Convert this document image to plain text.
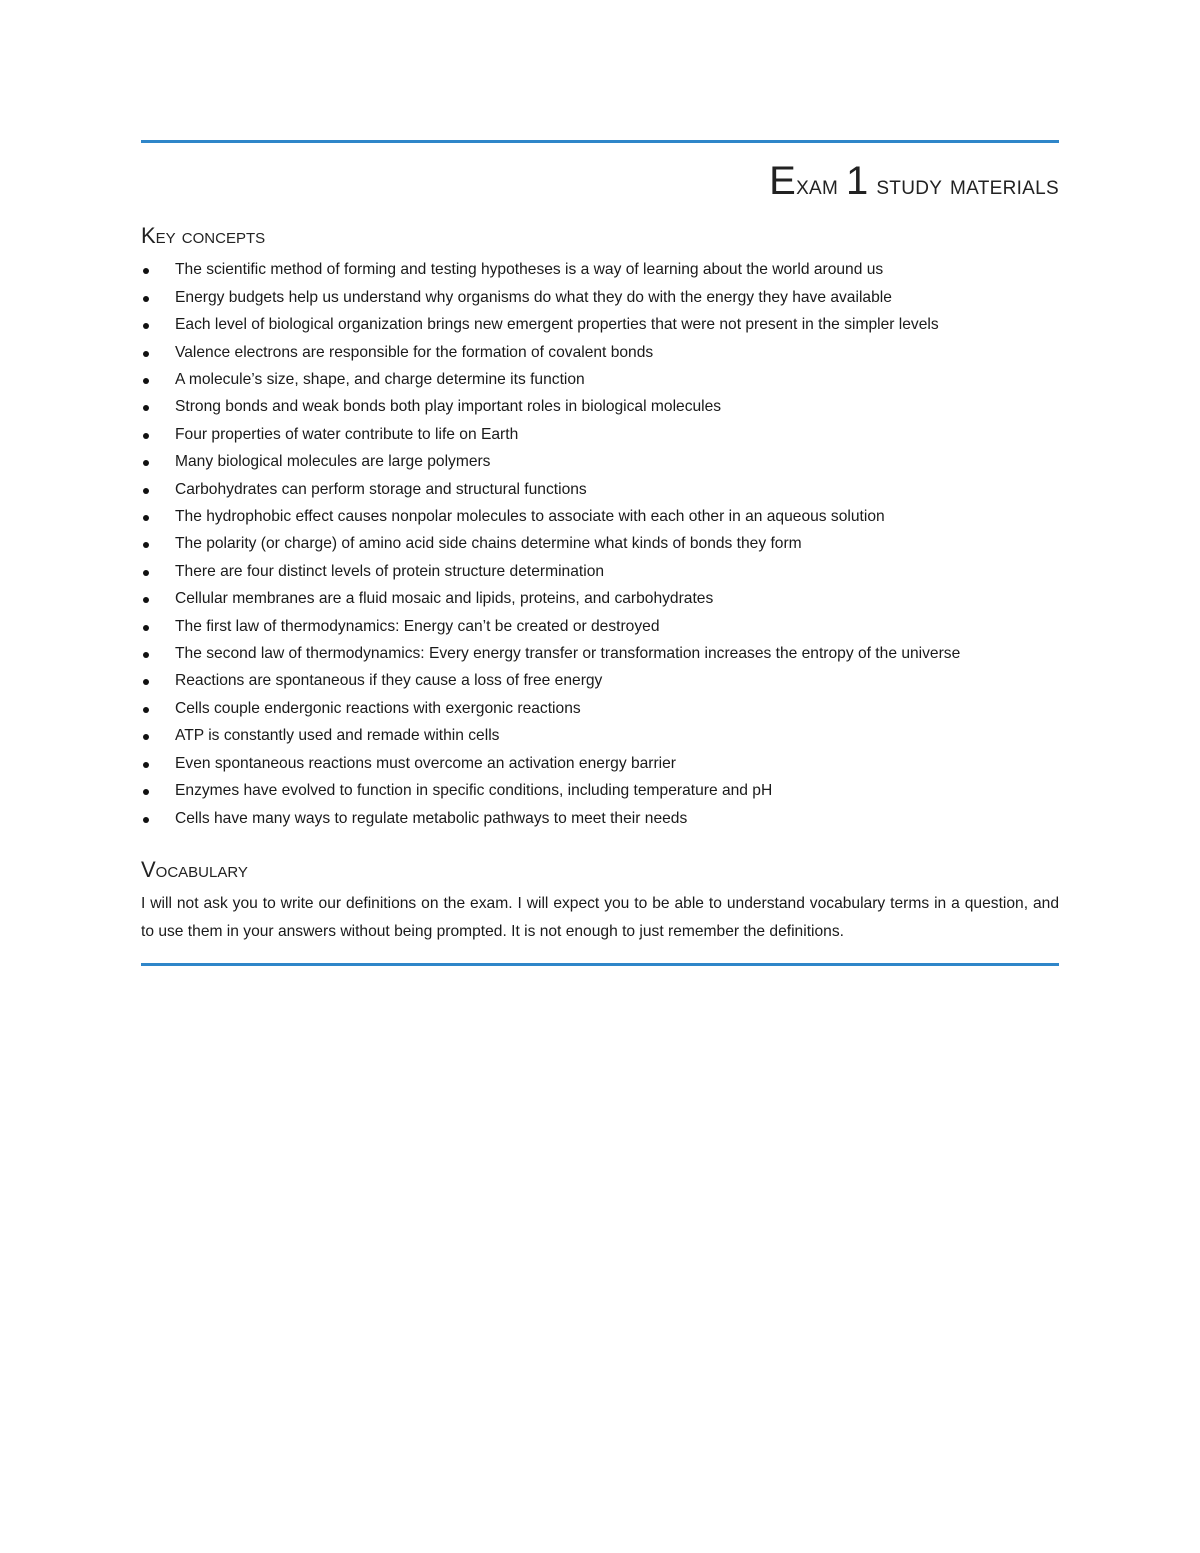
Exam 1 study materials
Key concepts
The scientific method of forming and testing hypotheses is a way of learning about the world around us
Energy budgets help us understand why organisms do what they do with the energy they have available
Each level of biological organization brings new emergent properties that were not present in the simpler levels
Valence electrons are responsible for the formation of covalent bonds
A molecule’s size, shape, and charge determine its function
Strong bonds and weak bonds both play important roles in biological molecules
Four properties of water contribute to life on Earth
Many biological molecules are large polymers
Carbohydrates can perform storage and structural functions
The hydrophobic effect causes nonpolar molecules to associate with each other in an aqueous solution
The polarity (or charge) of amino acid side chains determine what kinds of bonds they form
There are four distinct levels of protein structure determination
Cellular membranes are a fluid mosaic and lipids, proteins, and carbohydrates
The first law of thermodynamics: Energy can’t be created or destroyed
The second law of thermodynamics: Every energy transfer or transformation increases the entropy of the universe
Reactions are spontaneous if they cause a loss of free energy
Cells couple endergonic reactions with exergonic reactions
ATP is constantly used and remade within cells
Even spontaneous reactions must overcome an activation energy barrier
Enzymes have evolved to function in specific conditions, including temperature and pH
Cells have many ways to regulate metabolic pathways to meet their needs
Vocabulary
I will not ask you to write our definitions on the exam. I will expect you to be able to understand vocabulary terms in a question, and to use them in your answers without being prompted. It is not enough to just remember the definitions.
